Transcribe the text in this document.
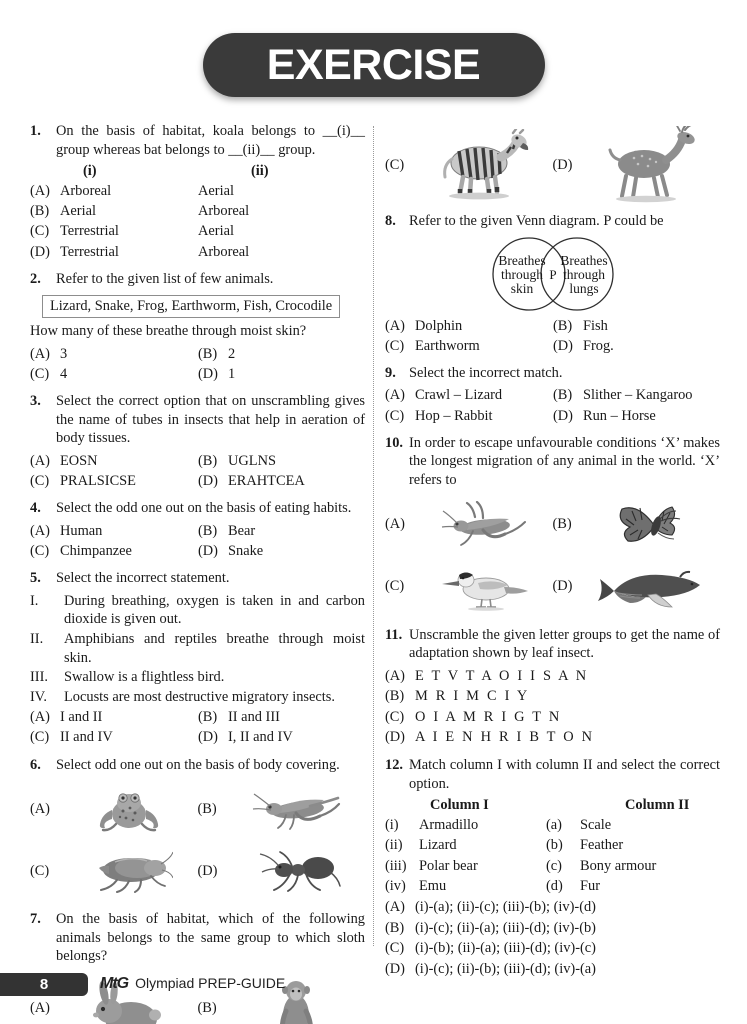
EXERCISE

1. On the basis of habitat, koala belongs to __(i)__ group whereas bat belongs to __(ii)__ group.

(i)	(ii)
(A) Arboreal	Aerial
(B) Aerial	Arboreal
(C) Terrestrial	Aerial
(D) Terrestrial	Arboreal

2. Refer to the given list of few animals.

Lizard, Snake, Frog, Earthworm, Fish, Crocodile

How many of these breathe through moist skin?

(A) 3	(B) 2
(C) 4	(D) 1

3. Select the correct option that on unscrambling gives the name of tubes in insects that help in aeration of body tissues.

(A) EOSN	(B) UGLNS
(C) PRALSICSE	(D) ERAHTCEA

4. Select the odd one out on the basis of eating habits.

(A) Human	(B) Bear
(C) Chimpanzee	(D) Snake

5. Select the incorrect statement.

I. During breathing, oxygen is taken in and carbon dioxide is given out.

II. Amphibians and reptiles breathe through moist skin.

III. Swallow is a flightless bird.

IV. Locusts are most destructive migratory insects.

(A) I and II	(B) II and III
(C) II and IV	(D) I, II and IV

6. Select odd one out on the basis of body covering.

(A)	(B)
(C)	(D)

7. On the basis of habitat, which of the following animals belongs to the same group to which sloth belongs?

(A)	(B)
(C)	(D)

8. Refer to the given Venn diagram. P could be

Breathes
through
skin
Breathes
through
lungs
P
(A) Dolphin	(B) Fish
(C) Earthworm	(D) Frog.

9. Select the incorrect match.

(A) Crawl – Lizard	(B) Slither – Kangaroo
(C) Hop – Rabbit	(D) Run – Horse

10. In order to escape unfavourable conditions ‘X’ makes the longest migration of any animal in the world. ‘X’ refers to

(A)	(B)
(C)	(D)

11. Unscramble the given letter groups to get the name of adaptation shown by leaf insect.

(A) E T V T A O I I S A N
(B) M R I M C I Y
(C) O I A M R I G T N
(D) A I E N H R I B T O N

12. Match column I with column II and select the correct option.

Column I	Column II
(i)	Armadillo	(a)	Scale
(ii)	Lizard	(b)	Feather
(iii) Polar bear	(c)	Bony armour
(iv) Emu	(d)	Fur
(A) (i)-(a); (ii)-(c); (iii)-(b); (iv)-(d)
(B) (i)-(c); (ii)-(a); (iii)-(d); (iv)-(b)
(C) (i)-(b); (ii)-(a); (iii)-(d); (iv)-(c)
(D) (i)-(c); (ii)-(b); (iii)-(d); (iv)-(a)
8	MtG Olympiad PREP-GUIDE
